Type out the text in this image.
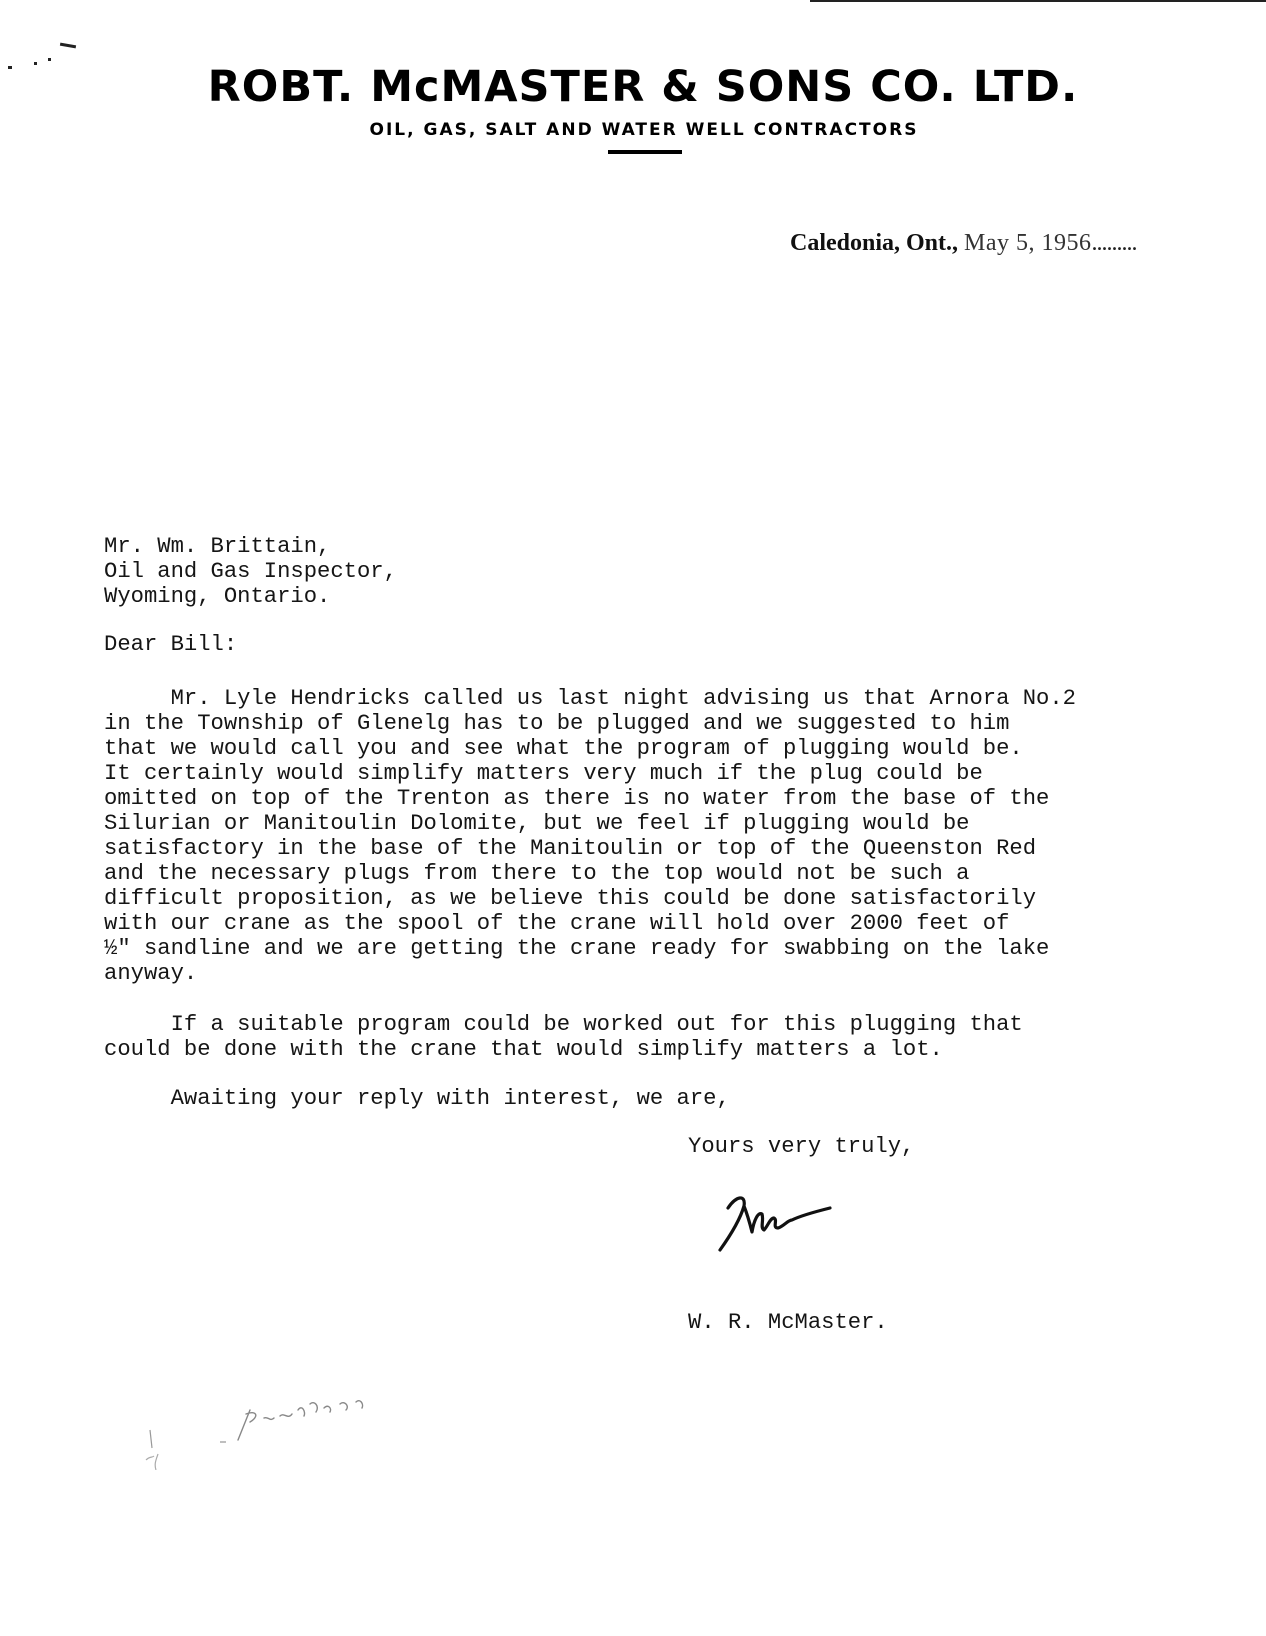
ROBT. McMASTER & SONS CO. LTD.
OIL, GAS, SALT AND WATER WELL CONTRACTORS
Caledonia, Ont., May 5, 1956.........
Mr. Wm. Brittain,
Oil and Gas Inspector,
Wyoming, Ontario.
Dear Bill:
Mr. Lyle Hendricks called us last night advising us that Arnora No.2
in the Township of Glenelg has to be plugged and we suggested to him
that we would call you and see what the program of plugging would be.
It certainly would simplify matters very much if the plug could be
omitted on top of the Trenton as there is no water from the base of the
Silurian or Manitoulin Dolomite, but we feel if plugging would be
satisfactory in the base of the Manitoulin or top of the Queenston Red
and the necessary plugs from there to the top would not be such a
difficult proposition, as we believe this could be done satisfactorily
with our crane as the spool of the crane will hold over 2000 feet of
½" sandline and we are getting the crane ready for swabbing on the lake
anyway.
If a suitable program could be worked out for this plugging that
could be done with the crane that would simplify matters a lot.
Awaiting your reply with interest, we are,
Yours very truly,
W. R. McMaster.
